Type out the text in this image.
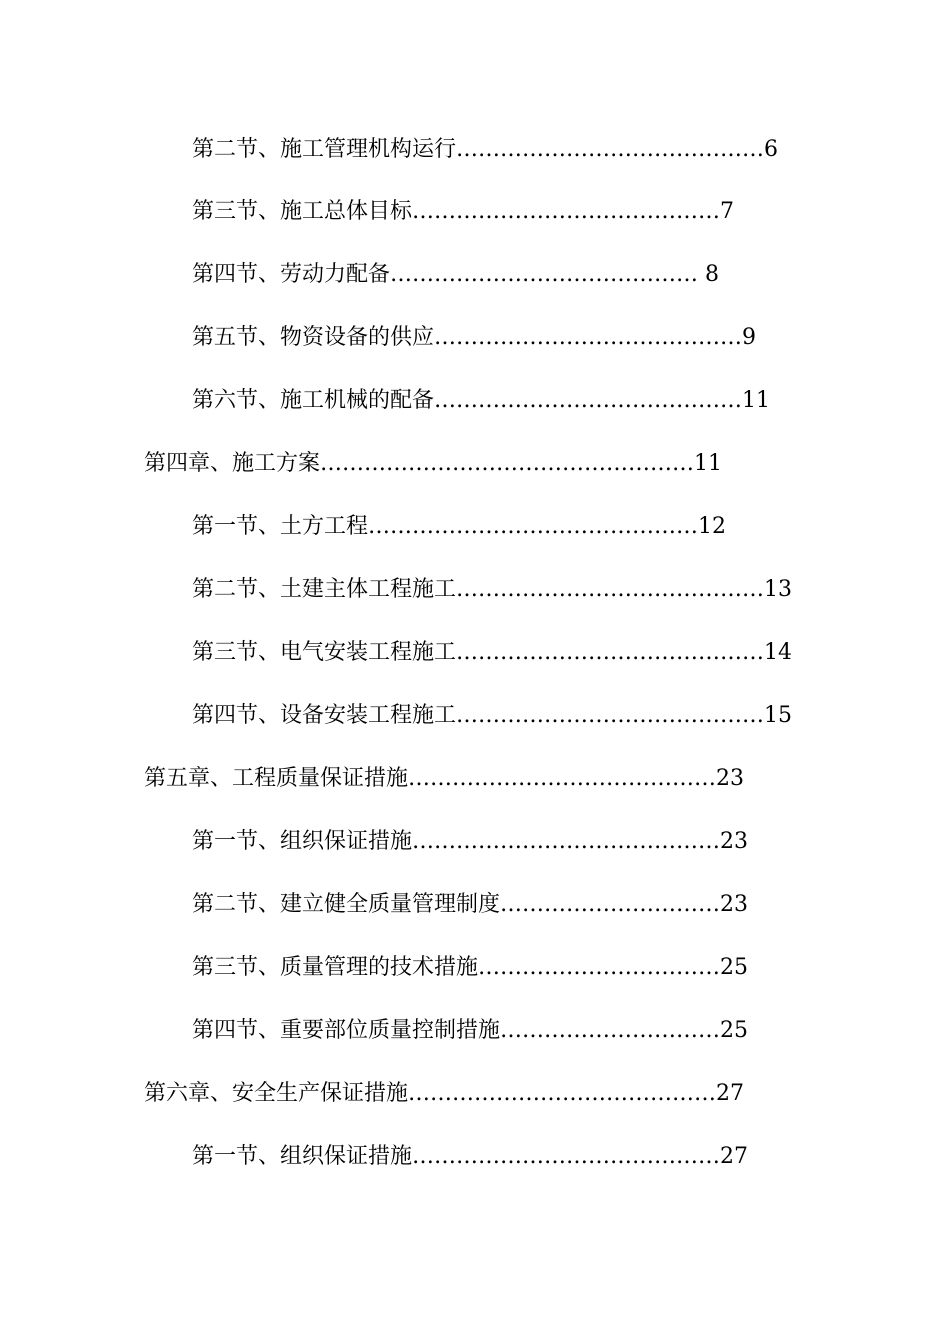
第二节、施工管理机构运行……………………………………6
第三节、施工总体目标……………………………………7
第四节、劳动力配备…………………………………… 8
第五节、物资设备的供应……………………………………9
第六节、施工机械的配备……………………………………11
第四章、施工方案……………………………………………11
第一节、土方工程………………………………………12
第二节、土建主体工程施工……………………………………13
第三节、电气安装工程施工……………………………………14
第四节、设备安装工程施工……………………………………15
第五章、工程质量保证措施……………………………………23
第一节、组织保证措施……………………………………23
第二节、建立健全质量管理制度…………………………23
第三节、质量管理的技术措施……………………………25
第四节、重要部位质量控制措施…………………………25
第六章、安全生产保证措施……………………………………27
第一节、组织保证措施……………………………………27
